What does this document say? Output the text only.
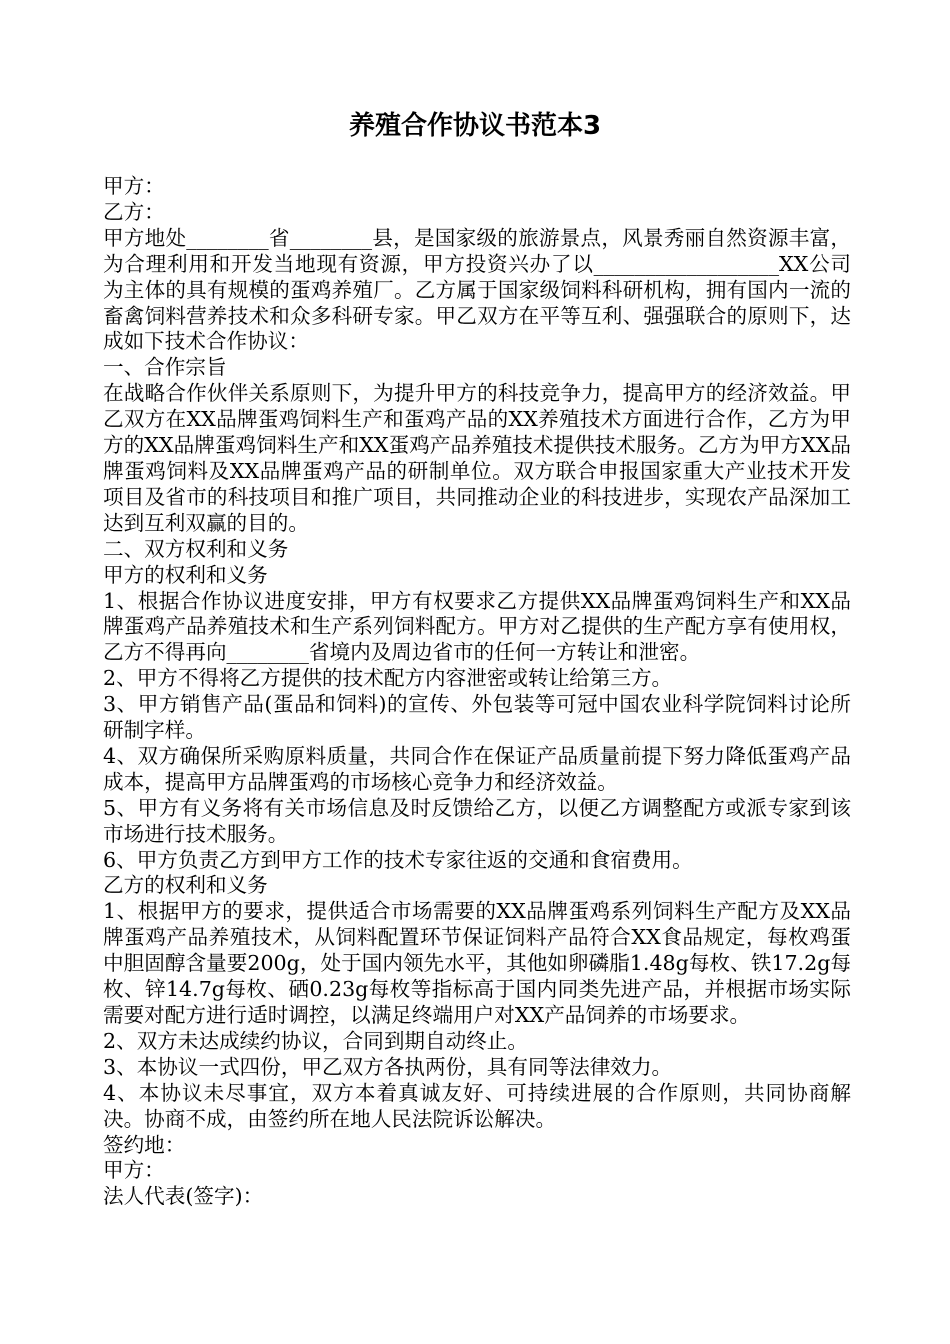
养殖合作协议书范本3

甲方：

乙方：

甲方地处________省________县，是国家级的旅游景点，风景秀丽自然资源丰富，为合理利用和开发当地现有资源，甲方投资兴办了以__________________XX公司为主体的具有规模的蛋鸡养殖厂。乙方属于国家级饲料科研机构，拥有国内一流的畜禽饲料营养技术和众多科研专家。甲乙双方在平等互利、强强联合的原则下，达成如下技术合作协议：

一、合作宗旨

在战略合作伙伴关系原则下，为提升甲方的科技竞争力，提高甲方的经济效益。甲乙双方在XX品牌蛋鸡饲料生产和蛋鸡产品的XX养殖技术方面进行合作，乙方为甲方的XX品牌蛋鸡饲料生产和XX蛋鸡产品养殖技术提供技术服务。乙方为甲方XX品牌蛋鸡饲料及XX品牌蛋鸡产品的研制单位。双方联合申报国家重大产业技术开发项目及省市的科技项目和推广项目，共同推动企业的科技进步，实现农产品深加工达到互利双赢的目的。

二、双方权利和义务

甲方的权利和义务

1、根据合作协议进度安排，甲方有权要求乙方提供XX品牌蛋鸡饲料生产和XX品牌蛋鸡产品养殖技术和生产系列饲料配方。甲方对乙提供的生产配方享有使用权，乙方不得再向________省境内及周边省市的任何一方转让和泄密。

2、甲方不得将乙方提供的技术配方内容泄密或转让给第三方。

3、甲方销售产品(蛋品和饲料)的宣传、外包装等可冠中国农业科学院饲料讨论所研制字样。

4、双方确保所采购原料质量，共同合作在保证产品质量前提下努力降低蛋鸡产品成本，提高甲方品牌蛋鸡的市场核心竞争力和经济效益。

5、甲方有义务将有关市场信息及时反馈给乙方，以便乙方调整配方或派专家到该市场进行技术服务。

6、甲方负责乙方到甲方工作的技术专家往返的交通和食宿费用。

乙方的权利和义务

1、根据甲方的要求，提供适合市场需要的XX品牌蛋鸡系列饲料生产配方及XX品牌蛋鸡产品养殖技术，从饲料配置环节保证饲料产品符合XX食品规定，每枚鸡蛋中胆固醇含量要200g，处于国内领先水平，其他如卵磷脂1.48g每枚、铁17.2g每枚、锌14.7g每枚、硒0.23g每枚等指标高于国内同类先进产品，并根据市场实际需要对配方进行适时调控，以满足终端用户对XX产品饲养的市场要求。

2、双方未达成续约协议，合同到期自动终止。

3、本协议一式四份，甲乙双方各执两份，具有同等法律效力。

4、本协议未尽事宜，双方本着真诚友好、可持续进展的合作原则，共同协商解决。协商不成，由签约所在地人民法院诉讼解决。

签约地：

甲方：

法人代表(签字)：
